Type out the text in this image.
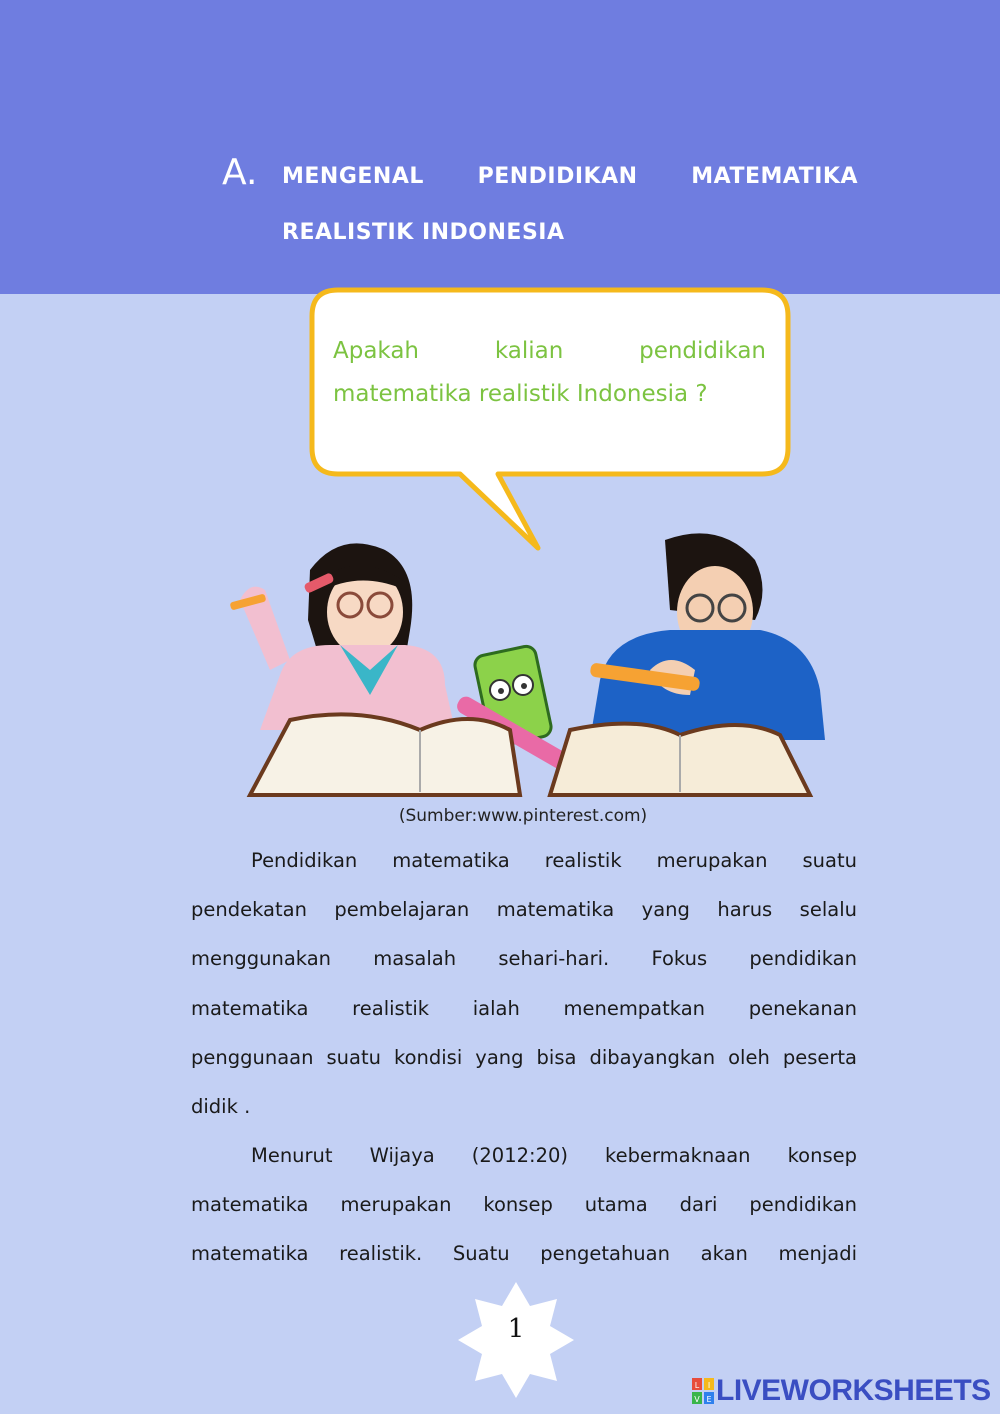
A. MENGENAL PENDIDIKAN MATEMATIKA
REALISTIK INDONESIA
Apakah kalian pendidikan
matematika realistik Indonesia ?
(Sumber:www.pinterest.com)
Pendidikan matematika realistik merupakan suatu
pendekatan pembelajaran matematika yang harus selalu
menggunakan masalah sehari-hari. Fokus pendidikan
matematika realistik ialah menempatkan penekanan
penggunaan suatu kondisi yang bisa dibayangkan oleh peserta
didik .
Menurut Wijaya (2012:20) kebermaknaan konsep
matematika merupakan konsep utama dari pendidikan
matematika realistik. Suatu pengetahuan akan menjadi
1
L I
V E LIVEWORKSHEETS
